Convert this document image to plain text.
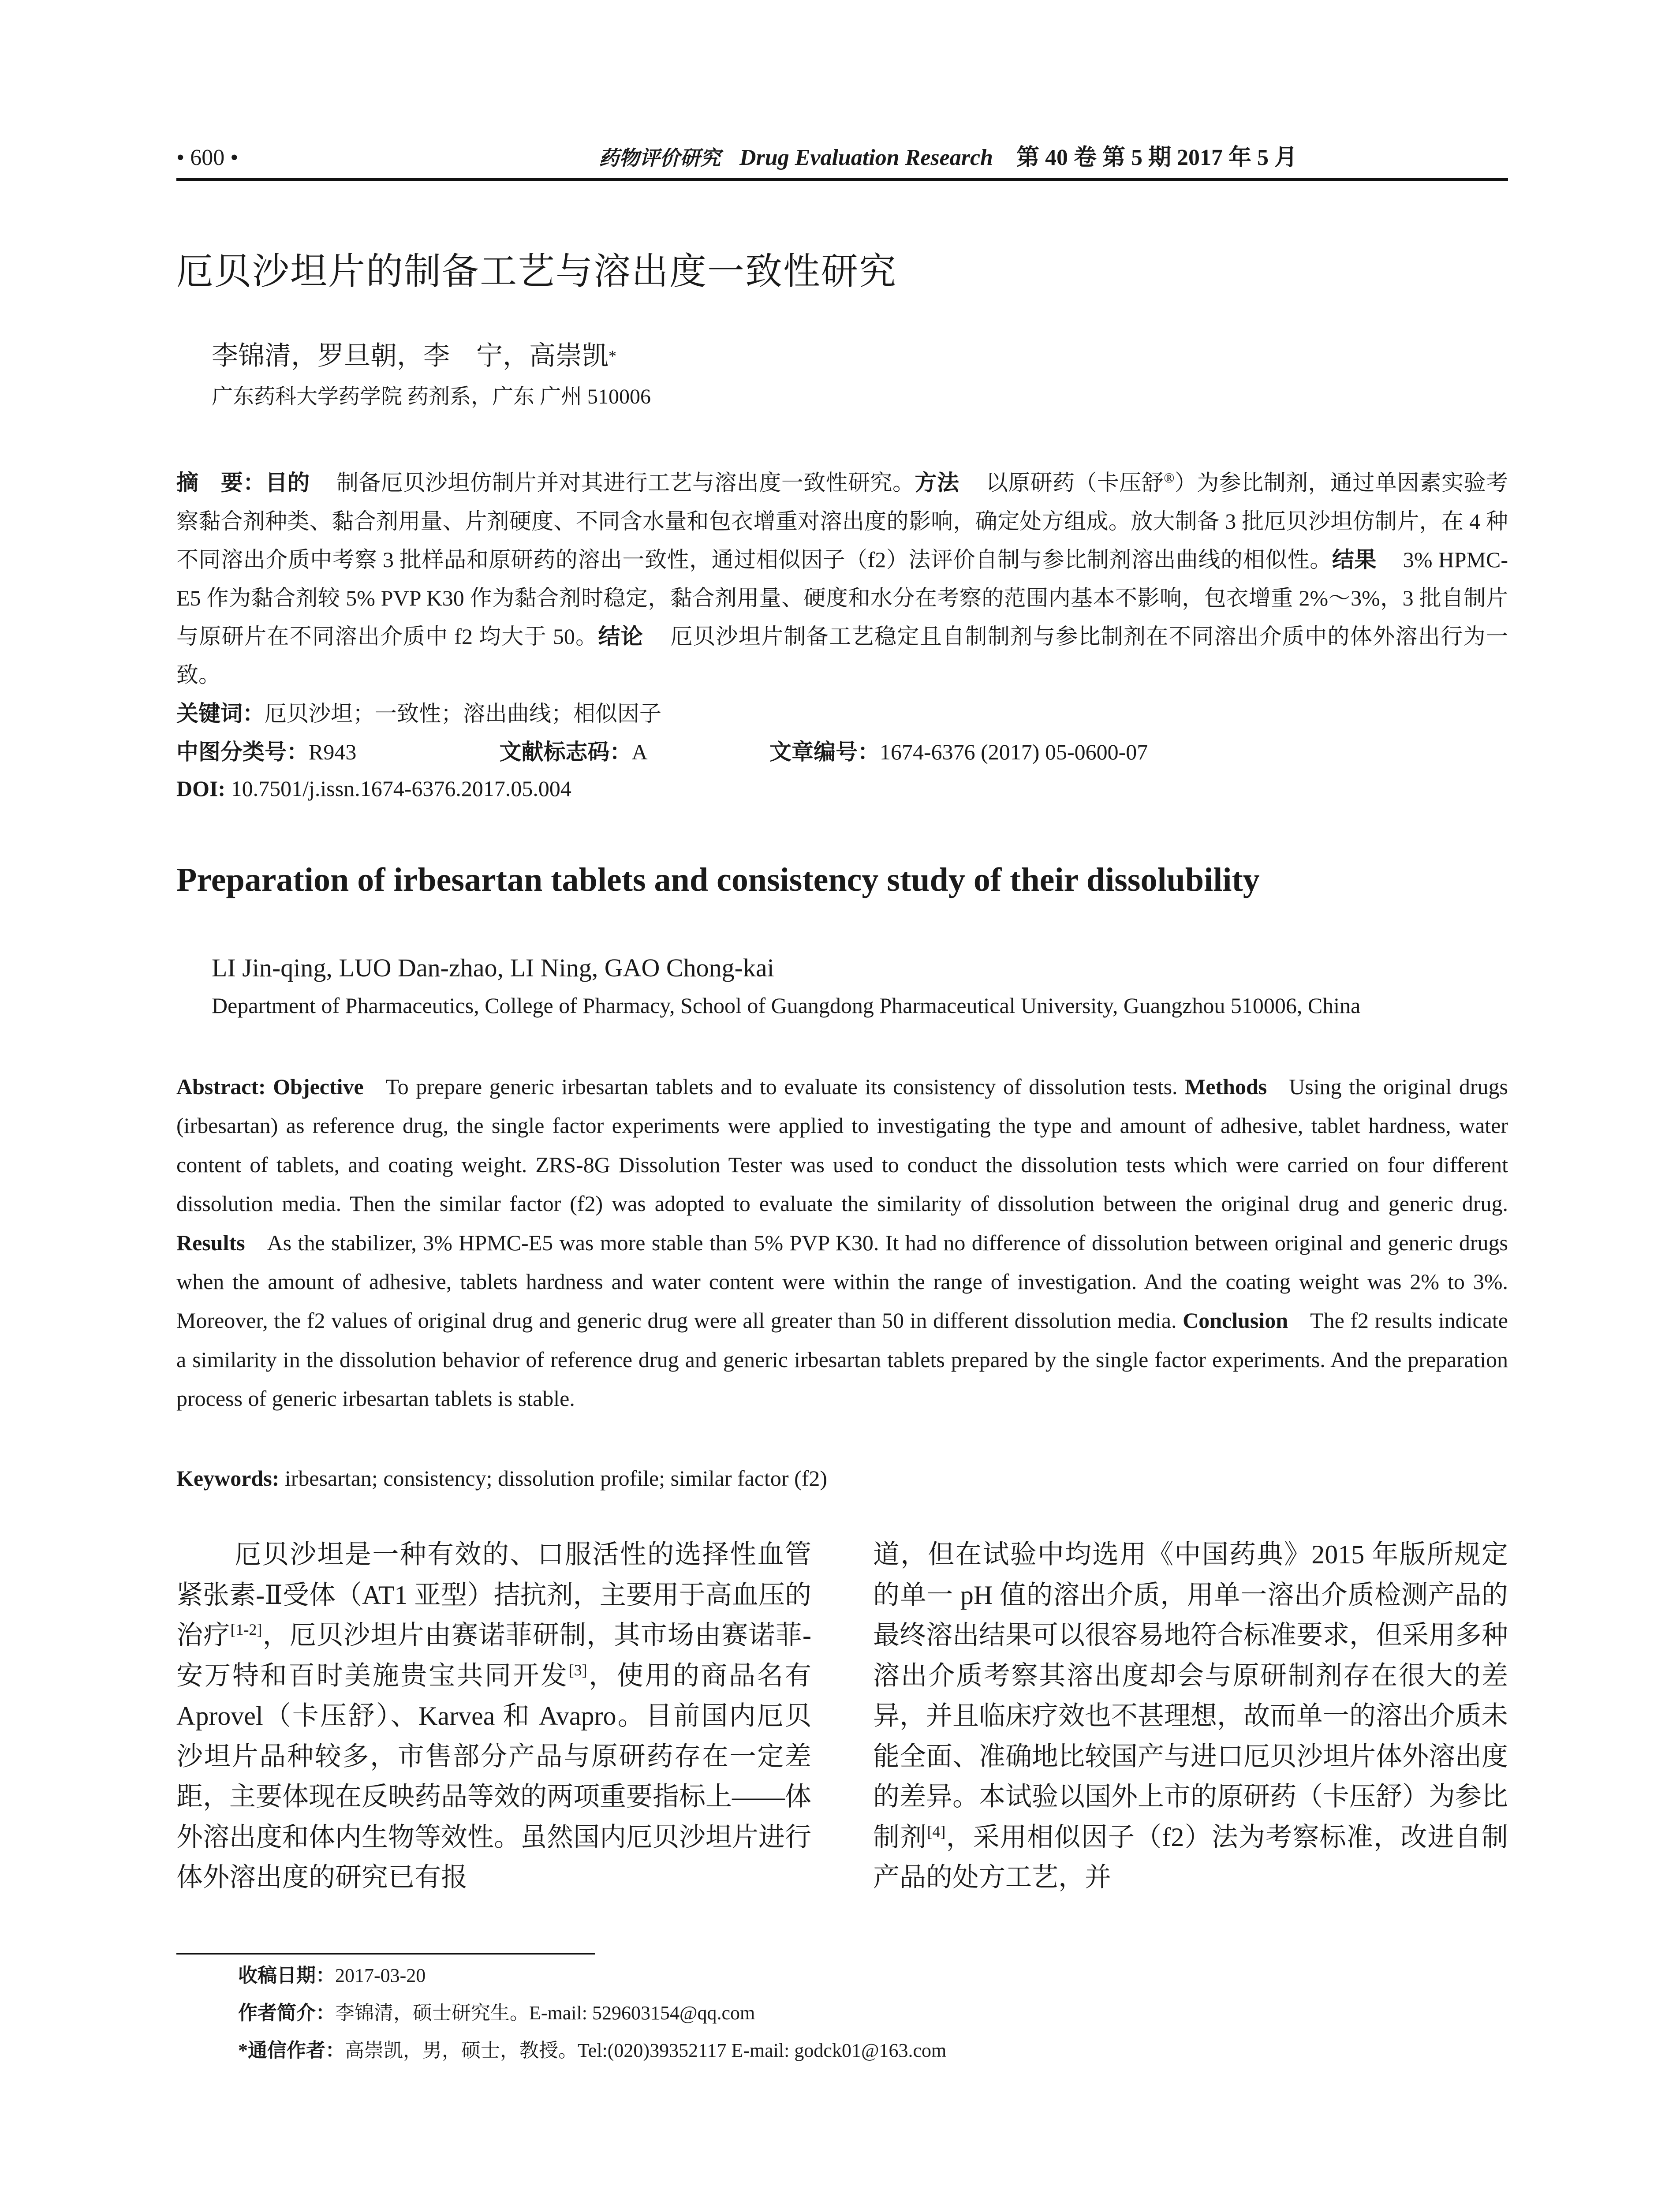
• 600 •	药物评价研究 Drug Evaluation Research 第 40 卷 第 5 期 2017 年 5 月
厄贝沙坦片的制备工艺与溶出度一致性研究
李锦清，罗旦朝，李　宁，高崇凯*
广东药科大学药学院 药剂系，广东 广州 510006
摘　要：目的 制备厄贝沙坦仿制片并对其进行工艺与溶出度一致性研究。方法 以原研药（卡压舒®）为参比制剂，通过单因素实验考察黏合剂种类、黏合剂用量、片剂硬度、不同含水量和包衣增重对溶出度的影响，确定处方组成。放大制备 3 批厄贝沙坦仿制片，在 4 种不同溶出介质中考察 3 批样品和原研药的溶出一致性，通过相似因子（f2）法评价自制与参比制剂溶出曲线的相似性。结果 3% HPMC-E5 作为黏合剂较 5% PVP K30 作为黏合剂时稳定，黏合剂用量、硬度和水分在考察的范围内基本不影响，包衣增重 2%～3%，3 批自制片与原研片在不同溶出介质中 f2 均大于 50。结论 厄贝沙坦片制备工艺稳定且自制制剂与参比制剂在不同溶出介质中的体外溶出行为一致。
关键词：厄贝沙坦；一致性；溶出曲线；相似因子
中图分类号：R943	文献标志码：A	文章编号：1674-6376 (2017) 05-0600-07
DOI: 10.7501/j.issn.1674-6376.2017.05.004
Preparation of irbesartan tablets and consistency study of their dissolubility
LI Jin-qing, LUO Dan-zhao, LI Ning, GAO Chong-kai
Department of Pharmaceutics, College of Pharmacy, School of Guangdong Pharmaceutical University, Guangzhou 510006, China
Abstract: Objective To prepare generic irbesartan tablets and to evaluate its consistency of dissolution tests. Methods Using the original drugs (irbesartan) as reference drug, the single factor experiments were applied to investigating the type and amount of adhesive, tablet hardness, water content of tablets, and coating weight. ZRS-8G Dissolution Tester was used to conduct the dissolution tests which were carried on four different dissolution media. Then the similar factor (f2) was adopted to evaluate the similarity of dissolution between the original drug and generic drug. Results As the stabilizer, 3% HPMC-E5 was more stable than 5% PVP K30. It had no difference of dissolution between original and generic drugs when the amount of adhesive, tablets hardness and water content were within the range of investigation. And the coating weight was 2% to 3%. Moreover, the f2 values of original drug and generic drug were all greater than 50 in different dissolution media. Conclusion The f2 results indicate a similarity in the dissolution behavior of reference drug and generic irbesartan tablets prepared by the single factor experiments. And the preparation process of generic irbesartan tablets is stable.
Keywords: irbesartan; consistency; dissolution profile; similar factor (f2)
厄贝沙坦是一种有效的、口服活性的选择性血管紧张素-Ⅱ受体（AT1 亚型）拮抗剂，主要用于高血压的治疗[1-2]，厄贝沙坦片由赛诺菲研制，其市场由赛诺菲-安万特和百时美施贵宝共同开发[3]，使用的商品名有 Aprovel（卡压舒）、Karvea 和 Avapro。目前国内厄贝沙坦片品种较多，市售部分产品与原研药存在一定差距，主要体现在反映药品等效的两项重要指标上——体外溶出度和体内生物等效性。虽然国内厄贝沙坦片进行体外溶出度的研究已有报
道，但在试验中均选用《中国药典》2015 年版所规定的单一 pH 值的溶出介质，用单一溶出介质检测产品的最终溶出结果可以很容易地符合标准要求，但采用多种溶出介质考察其溶出度却会与原研制剂存在很大的差异，并且临床疗效也不甚理想，故而单一的溶出介质未能全面、准确地比较国产与进口厄贝沙坦片体外溶出度的差异。本试验以国外上市的原研药（卡压舒）为参比制剂[4]，采用相似因子（f2）法为考察标准，改进自制产品的处方工艺，并
收稿日期：2017-03-20
作者简介：李锦清，硕士研究生。E-mail: 529603154@qq.com
*通信作者：高崇凯，男，硕士，教授。Tel:(020)39352117 E-mail: godck01@163.com
